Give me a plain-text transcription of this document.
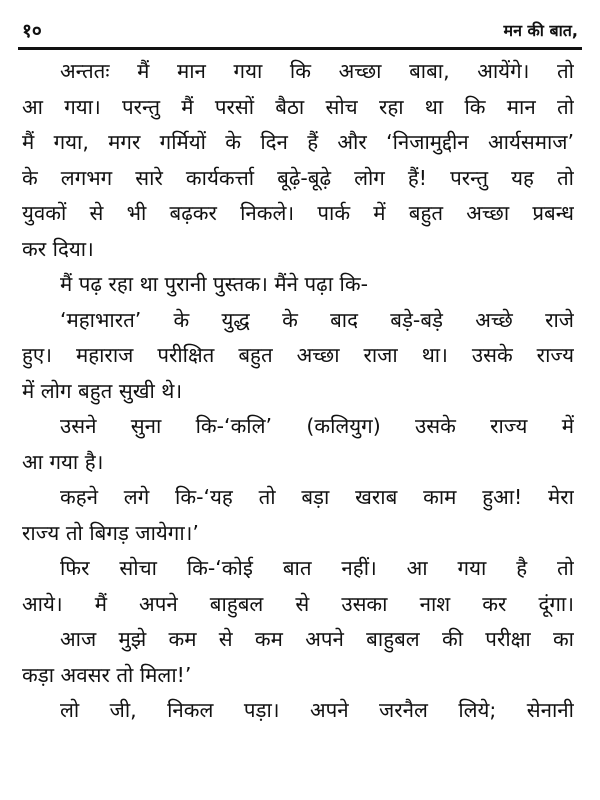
१०	मन की बात,
अन्ततः मैं मान गया कि अच्छा बाबा, आयेंगे। तो
आ गया। परन्तु मैं परसों बैठा सोच रहा था कि मान तो
मैं गया, मगर गर्मियों के दिन हैं और ‘निजामुद्दीन आर्यसमाज’
के लगभग सारे कार्यकर्त्ता बूढ़े-बूढ़े लोग हैं! परन्तु यह तो
युवकों से भी बढ़कर निकले। पार्क में बहुत अच्छा प्रबन्ध
कर दिया।
मैं पढ़ रहा था पुरानी पुस्तक। मैंने पढ़ा कि-
‘महाभारत’ के युद्ध के बाद बड़े-बड़े अच्छे राजे
हुए। महाराज परीक्षित बहुत अच्छा राजा था। उसके राज्य
में लोग बहुत सुखी थे।
उसने सुना कि-‘कलि’ (कलियुग) उसके राज्य में
आ गया है।
कहने लगे कि-‘यह तो बड़ा खराब काम हुआ! मेरा
राज्य तो बिगड़ जायेगा।’
फिर सोचा कि-‘कोई बात नहीं। आ गया है तो
आये। मैं अपने बाहुबल से उसका नाश कर दूंगा।
आज मुझे कम से कम अपने बाहुबल की परीक्षा का
कड़ा अवसर तो मिला!’
लो जी, निकल पड़ा। अपने जरनैल लिये; सेनानी
